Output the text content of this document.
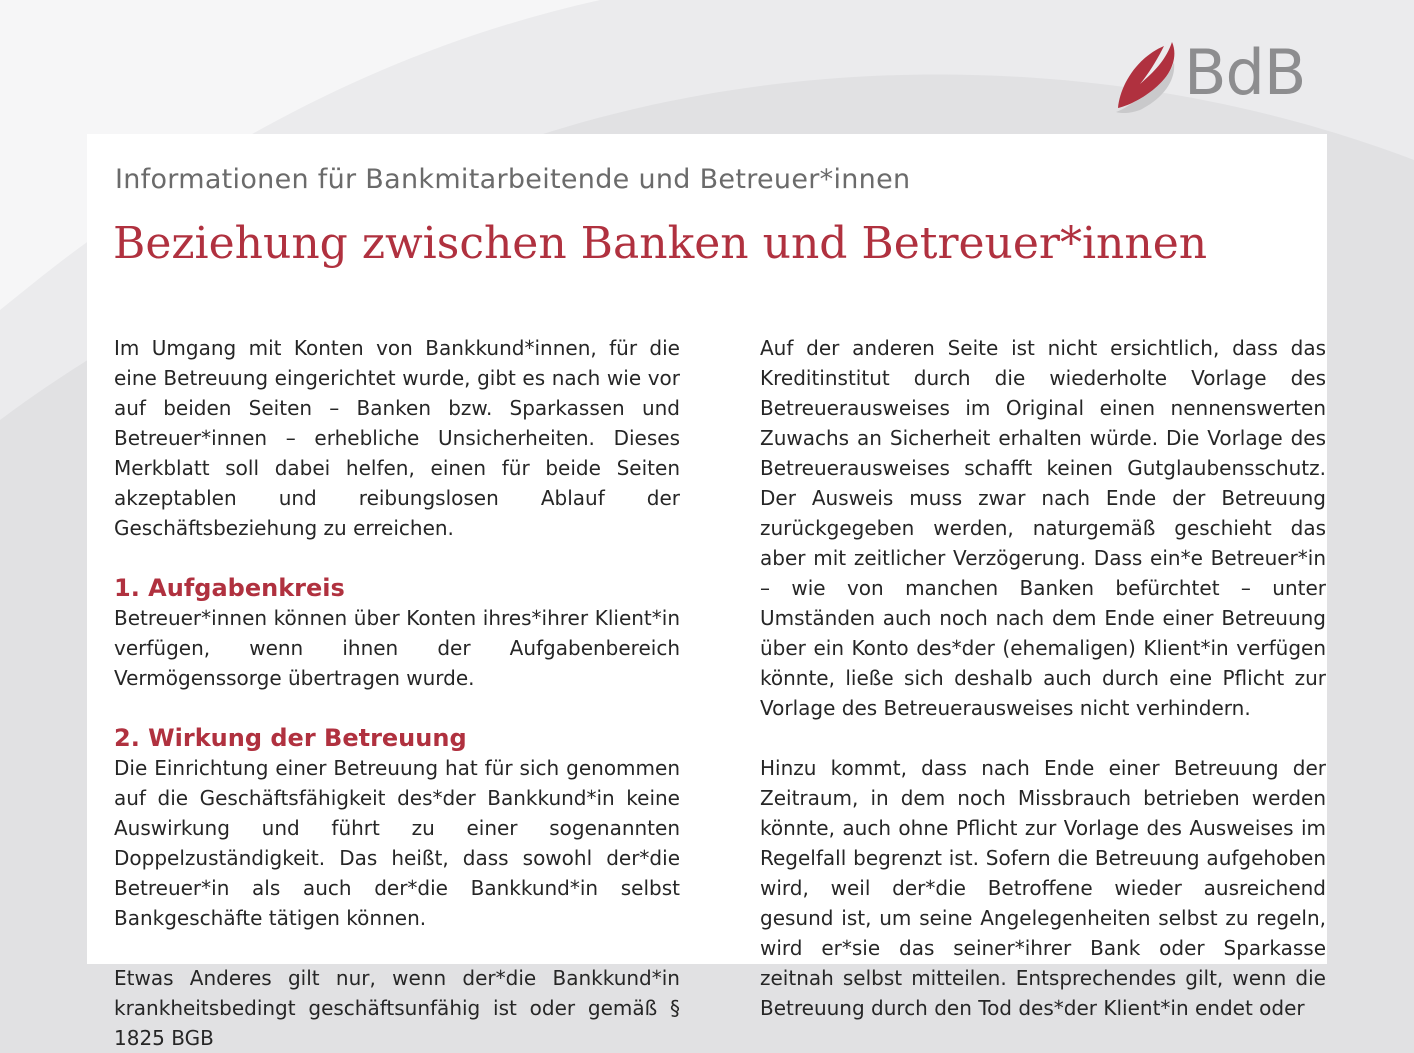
BdB
Informationen für Bankmitarbeitende und Betreuer*innen
Beziehung zwischen Banken und Betreuer*innen

Im Umgang mit Konten von Bankkund*innen, für die eine Betreuung eingerichtet wurde, gibt es nach wie vor auf beiden Seiten – Banken bzw. Sparkassen und Betreuer*innen – erhebliche Unsicherheiten. Dieses Merkblatt soll dabei helfen, einen für beide Seiten akzeptablen und reibungslosen Ablauf der Geschäftsbeziehung zu erreichen.

1. Aufgabenkreis

Betreuer*innen können über Konten ihres*ihrer Klient*in verfügen, wenn ihnen der Aufgabenbereich Vermögenssorge übertragen wurde.

2. Wirkung der Betreuung

Die Einrichtung einer Betreuung hat für sich genommen auf die Geschäftsfähigkeit des*der Bankkund*in keine Auswirkung und führt zu einer sogenannten Doppelzuständigkeit. Das heißt, dass sowohl der*die Betreuer*in als auch der*die Bankkund*in selbst Bankgeschäfte tätigen können.

Etwas Anderes gilt nur, wenn der*die Bankkund*in krankheitsbedingt geschäftsunfähig ist oder gemäß § 1825 BGB

Auf der anderen Seite ist nicht ersichtlich, dass das Kreditinstitut durch die wiederholte Vorlage des Betreuerausweises im Original einen nennenswerten Zuwachs an Sicherheit erhalten würde. Die Vorlage des Betreuerausweises schafft keinen Gutglaubensschutz. Der Ausweis muss zwar nach Ende der Betreuung zurückgegeben werden, naturgemäß geschieht das aber mit zeitlicher Verzögerung. Dass ein*e Betreuer*in – wie von manchen Banken befürchtet – unter Umständen auch noch nach dem Ende einer Betreuung über ein Konto des*der (ehemaligen) Klient*in verfügen könnte, ließe sich deshalb auch durch eine Pflicht zur Vorlage des Betreuerausweises nicht verhindern.

Hinzu kommt, dass nach Ende einer Betreuung der Zeitraum, in dem noch Missbrauch betrieben werden könnte, auch ohne Pflicht zur Vorlage des Ausweises im Regelfall begrenzt ist. Sofern die Betreuung aufgehoben wird, weil der*die Betroffene wieder ausreichend gesund ist, um seine Angelegenheiten selbst zu regeln, wird er*sie das seiner*ihrer Bank oder Sparkasse zeitnah selbst mitteilen. Entsprechendes gilt, wenn die Betreuung durch den Tod des*der Klient*in endet oder
